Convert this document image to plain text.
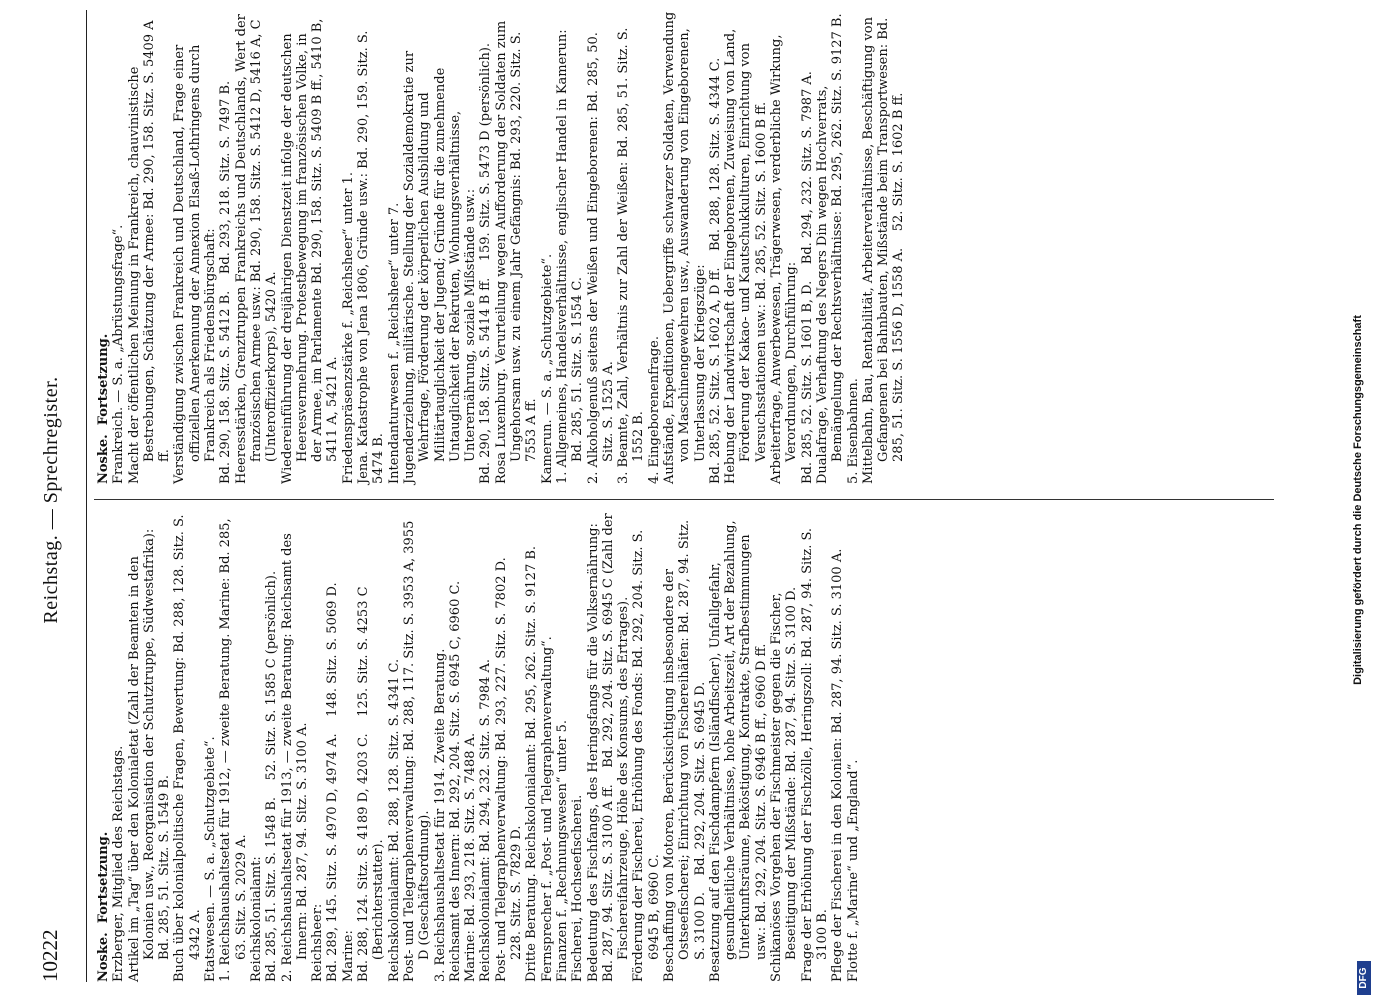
10222
Reichstag. — Sprechregister.

Noske.  Fortsetzung. Erzberger, Mitglied des Reichstags. Artikel im „Tag“ über den Kolonialetat (Zahl der Beamten in den Kolonien usw., Reorganisation der Schutztruppe, Südwestafrika): Bd. 285, 51. Sitz. S. 1549 B. Buch über kolonialpolitische Fragen, Bewertung: Bd. 288, 128. Sitz. S. 4342 A. Etatswesen. — S. a. „Schutzgebiete“. 1. Reichshaushaltsetat für 1912, — zweite Beratung. Marine: Bd. 285, 63. Sitz. S. 2029 A. Reichskolonialamt: Bd. 285, 51. Sitz. S. 1548 B.    52. Sitz. S. 1585 C (persönlich). 2. Reichshaushaltsetat für 1913, — zweite Beratung: Reichsamt des Innern: Bd. 287, 94. Sitz. S. 3100 A. Reichsheer: Bd. 289, 145. Sitz. S. 4970 D, 4974 A.    148. Sitz. S. 5069 D. Marine: Bd. 288, 124. Sitz. S. 4189 D, 4203 C.    125. Sitz. S. 4253 C (Berichterstatter). Reichskolonialamt: Bd. 288, 128. Sitz. S. 4341 C. Post- und Telegraphenverwaltung: Bd. 288, 117. Sitz. S. 3953 A, 3955 D (Geschäftsordnung). 3. Reichshaushaltsetat für 1914. Zweite Beratung. Reichsamt des Innern: Bd. 292, 204. Sitz. S. 6945 C, 6960 C. Marine: Bd. 293, 218. Sitz. S. 7488 A. Reichskolonialamt: Bd. 294, 232. Sitz. S. 7984 A. Post- und Telegraphenverwaltung: Bd. 293, 227. Sitz. S. 7802 D.    228. Sitz. S. 7829 D. Dritte Beratung. Reichskolonialamt: Bd. 295, 262. Sitz. S. 9127 B. Fernsprecher f. „Post- und Telegraphenverwaltung“. Finanzen f. „Rechnungswesen“ unter 5. Fischerei, Hochseefischerei. Bedeutung des Fischfangs, des Heringsfangs für die Volksernährung: Bd. 287, 94. Sitz. S. 3100 A ff.    Bd. 292, 204. Sitz. S. 6945 C (Zahl der Fischereifahrzeuge, Höhe des Konsums, des Ertrages). Förderung der Fischerei, Erhöhung des Fonds: Bd. 292, 204. Sitz. S. 6945 B, 6960 C. Beschaffung von Motoren, Berücksichtigung insbesondere der Ostseefischerei; Einrichtung von Fischereihäfen: Bd. 287, 94. Sitz. S. 3100 D.    Bd. 292, 204. Sitz. S. 6945 D. Besatzung auf den Fischdampfern (Isländfischer), Unfallgefahr, gesundheitliche Verhältnisse, hohe Arbeitszeit, Art der Bezahlung, Unterkunftsräume, Beköstigung, Kontrakte, Strafbestimmungen usw.: Bd. 292, 204. Sitz. S. 6946 B ff., 6960 D ff. Schikanöses Vorgehen der Fischmeister gegen die Fischer, Beseitigung der Mißstände: Bd. 287, 94. Sitz. S. 3100 D. Frage der Erhöhung der Fischzölle, Heringszoll: Bd. 287, 94. Sitz. S. 3100 B. Pflege der Fischerei in den Kolonien: Bd. 287, 94. Sitz. S. 3100 A. Flotte f. „Marine“ und „England“.

Noske.  Fortsetzung. Frankreich. — S. a. „Abrüstungsfrage“. Macht der öffentlichen Meinung in Frankreich, chauvinistische Bestrebungen, Schätzung der Armee: Bd. 290, 158. Sitz. S. 5409 A ff. Verständigung zwischen Frankreich und Deutschland, Frage einer offiziellen Anerkennung der Annexion Elsaß-Lothringens durch Frankreich als Friedensbürgschaft: Bd. 290, 158. Sitz. S. 5412 B.    Bd. 293, 218. Sitz. S. 7497 B. Heeresstärken, Grenztruppen Frankreichs und Deutschlands, Wert der französischen Armee usw.: Bd. 290, 158. Sitz. S. 5412 D, 5416 A, C (Unteroffizierkorps), 5420 A. Wiedereinführung der dreijährigen Dienstzeit infolge der deutschen Heeresvermehrung. Protestbewegung im französischen Volke, in der Armee, im Parlamente Bd. 290, 158. Sitz. S. 5409 B ff., 5410 B, 5411 A, 5421 A. Friedenspräsenzstärke f. „Reichsheer“ unter 1. Jena. Katastrophe von Jena 1806, Gründe usw.: Bd. 290, 159. Sitz. S. 5474 B. Intendanturwesen f. „Reichsheer“ unter 7. Jugenderziehung, militärische. Stellung der Sozialdemokratie zur Wehrfrage, Förderung der körperlichen Ausbildung und Militärtauglichkeit der Jugend; Gründe für die zunehmende Untauglichkeit der Rekruten, Wohnungsverhältnisse, Unterernährung, soziale Mißstände usw.: Bd. 290, 158. Sitz. S. 5414 B ff.    159. Sitz. S. 5473 D (persönlich). Rosa Luxemburg. Verurteilung wegen Aufforderung der Soldaten zum Ungehorsam usw. zu einem Jahr Gefängnis: Bd. 293, 220. Sitz. S. 7553 A ff. Kamerun. — S. a. „Schutzgebiete“. 1. Allgemeines, Handelsverhältnisse, englischer Handel in Kamerun: Bd. 285, 51. Sitz. S. 1554 C. 2. Alkoholgenuß seitens der Weißen und Eingeborenen: Bd. 285, 50. Sitz. S. 1525 A. 3. Beamte, Zahl, Verhältnis zur Zahl der Weißen: Bd. 285, 51. Sitz. S. 1552 B. 4. Eingeborenenfrage. Aufstände, Expeditionen, Uebergriffe schwarzer Soldaten, Verwendung von Maschinengewehren usw., Auswanderung von Eingeborenen, Unterlassung der Kriegszüge: Bd. 285, 52. Sitz. S. 1602 A, D ff.    Bd. 288, 128. Sitz. S. 4344 C. Hebung der Landwirtschaft der Eingeborenen, Zuweisung von Land, Förderung der Kakao- und Kautschukkulturen, Einrichtung von Versuchsstationen usw.: Bd. 285, 52. Sitz. S. 1600 B ff. Arbeiterfrage, Anwerbewesen, Trägerwesen, verderbliche Wirkung, Verordnungen, Durchführung: Bd. 285, 52. Sitz. S. 1601 B, D.    Bd. 294, 232. Sitz. S. 7987 A. Dualafrage, Verhaftung des Negers Din wegen Hochverrats, Bemängelung der Rechtsverhältnisse: Bd. 295, 262. Sitz. S. 9127 B. 5. Eisenbahnen. Mittelbahn, Bau, Rentabilität, Arbeiterverhältnisse, Beschäftigung von Gefangenen bei Bahnbauten, Mißstände beim Transportwesen: Bd. 285, 51. Sitz. S. 1556 D, 1558 A.    52. Sitz. S. 1602 B ff.

Digitalisierung gefördert durch die Deutsche Forschungsgemeinschaft
DFG
